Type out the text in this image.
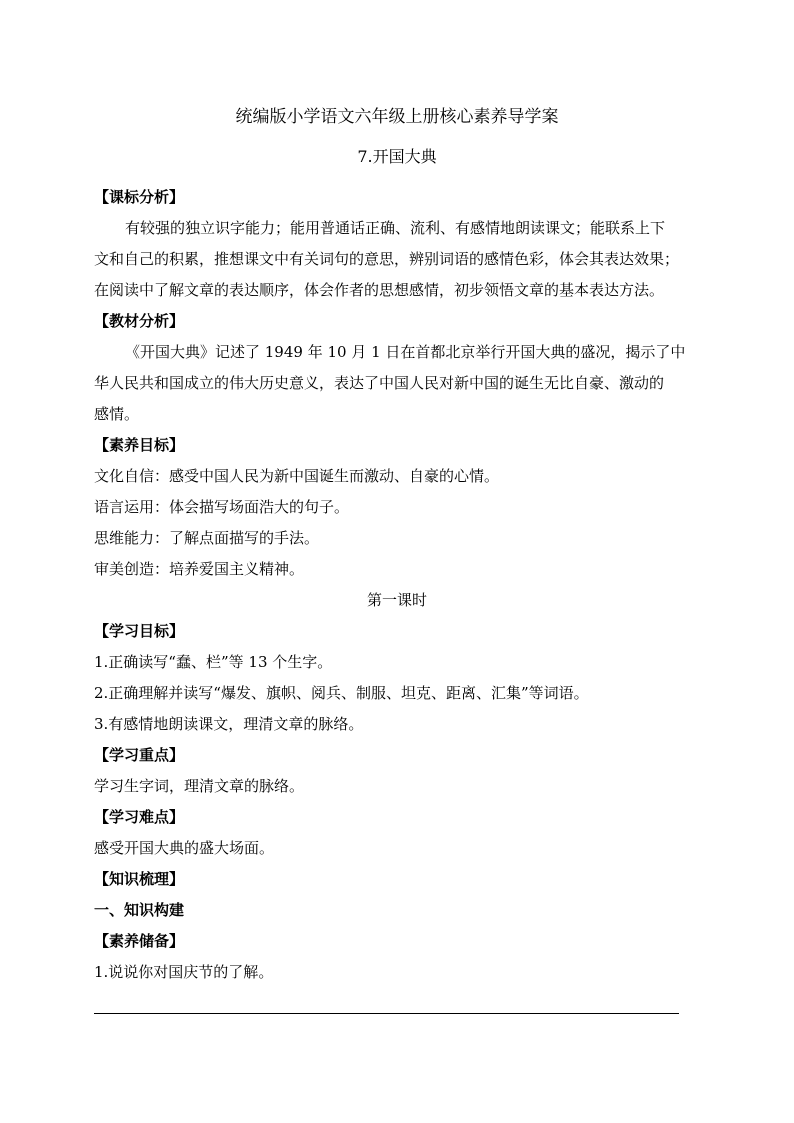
统编版小学语文六年级上册核心素养导学案
7.开国大典
【课标分析】
有较强的独立识字能力；能用普通话正确、流利、有感情地朗读课文；能联系上下
文和自己的积累，推想课文中有关词句的意思，辨别词语的感情色彩，体会其表达效果；
在阅读中了解文章的表达顺序，体会作者的思想感情，初步领悟文章的基本表达方法。
【教材分析】
《开国大典》记述了 1949 年 10 月 1 日在首都北京举行开国大典的盛况，揭示了中
华人民共和国成立的伟大历史意义，表达了中国人民对新中国的诞生无比自豪、激动的
感情。
【素养目标】
文化自信：感受中国人民为新中国诞生而激动、自豪的心情。
语言运用：体会描写场面浩大的句子。
思维能力：了解点面描写的手法。
审美创造：培养爱国主义精神。
第一课时
【学习目标】
1.正确读写“蠢、栏”等 13 个生字。
2.正确理解并读写“爆发、旗帜、阅兵、制服、坦克、距离、汇集”等词语。
3.有感情地朗读课文，理清文章的脉络。
【学习重点】
学习生字词，理清文章的脉络。
【学习难点】
感受开国大典的盛大场面。
【知识梳理】
一、知识构建
【素养储备】
1.说说你对国庆节的了解。
